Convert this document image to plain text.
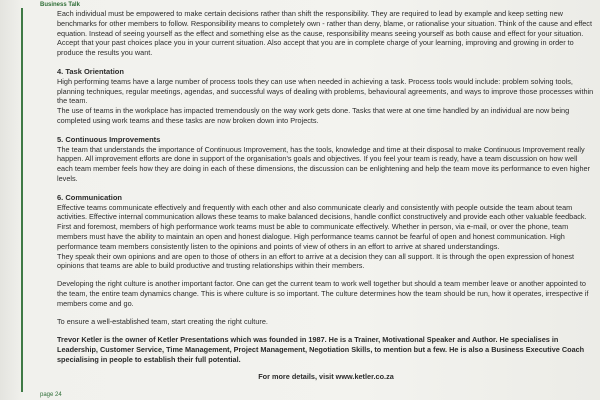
Business Talk

Each individual must be empowered to make certain decisions rather than shift the responsibility. They are required to lead by example and keep setting new benchmarks for other members to follow. Responsibility means to completely own - rather than deny, blame, or rationalise your situation. Think of the cause and effect equation. Instead of seeing yourself as the effect and something else as the cause, responsibility means seeing yourself as both cause and effect for your situation. Accept that your past choices place you in your current situation. Also accept that you are in complete charge of your learning, improving and growing in order to produce the results you want.

4. Task Orientation

High performing teams have a large number of process tools they can use when needed in achieving a task. Process tools would include: problem solving tools, planning techniques, regular meetings, agendas, and successful ways of dealing with problems, behavioural agreements, and ways to improve those processes within the team.

The use of teams in the workplace has impacted tremendously on the way work gets done. Tasks that were at one time handled by an individual are now being completed using work teams and these tasks are now broken down into Projects.

5. Continuous Improvements

The team that understands the importance of Continuous Improvement, has the tools, knowledge and time at their disposal to make Continuous Improvement really happen. All improvement efforts are done in support of the organisation's goals and objectives. If you feel your team is ready, have a team discussion on how well each team member feels how they are doing in each of these dimensions, the discussion can be enlightening and help the team move its performance to even higher levels.

6. Communication

Effective teams communicate effectively and frequently with each other and also communicate clearly and consistently with people outside the team about team activities. Effective internal communication allows these teams to make balanced decisions, handle conflict constructively and provide each other valuable feedback.

First and foremost, members of high performance work teams must be able to communicate effectively. Whether in person, via e-mail, or over the phone, team members must have the ability to maintain an open and honest dialogue. High performance teams cannot be fearful of open and honest communication. High performance team members consistently listen to the opinions and points of view of others in an effort to arrive at shared understandings.

They speak their own opinions and are open to those of others in an effort to arrive at a decision they can all support. It is through the open expression of honest opinions that teams are able to build productive and trusting relationships within their members.

Developing the right culture is another important factor. One can get the current team to work well together but should a team member leave or another appointed to the team, the entire team dynamics change. This is where culture is so important. The culture determines how the team should be run, how it operates, irrespective if members come and go.

To ensure a well-established team, start creating the right culture.

Trevor Ketler is the owner of Ketler Presentations which was founded in 1987. He is a Trainer, Motivational Speaker and Author. He specialises in Leadership, Customer Service, Time Management, Project Management, Negotiation Skills, to mention but a few. He is also a Business Executive Coach specialising in people to establish their full potential.

For more details, visit www.ketler.co.za

page 24
